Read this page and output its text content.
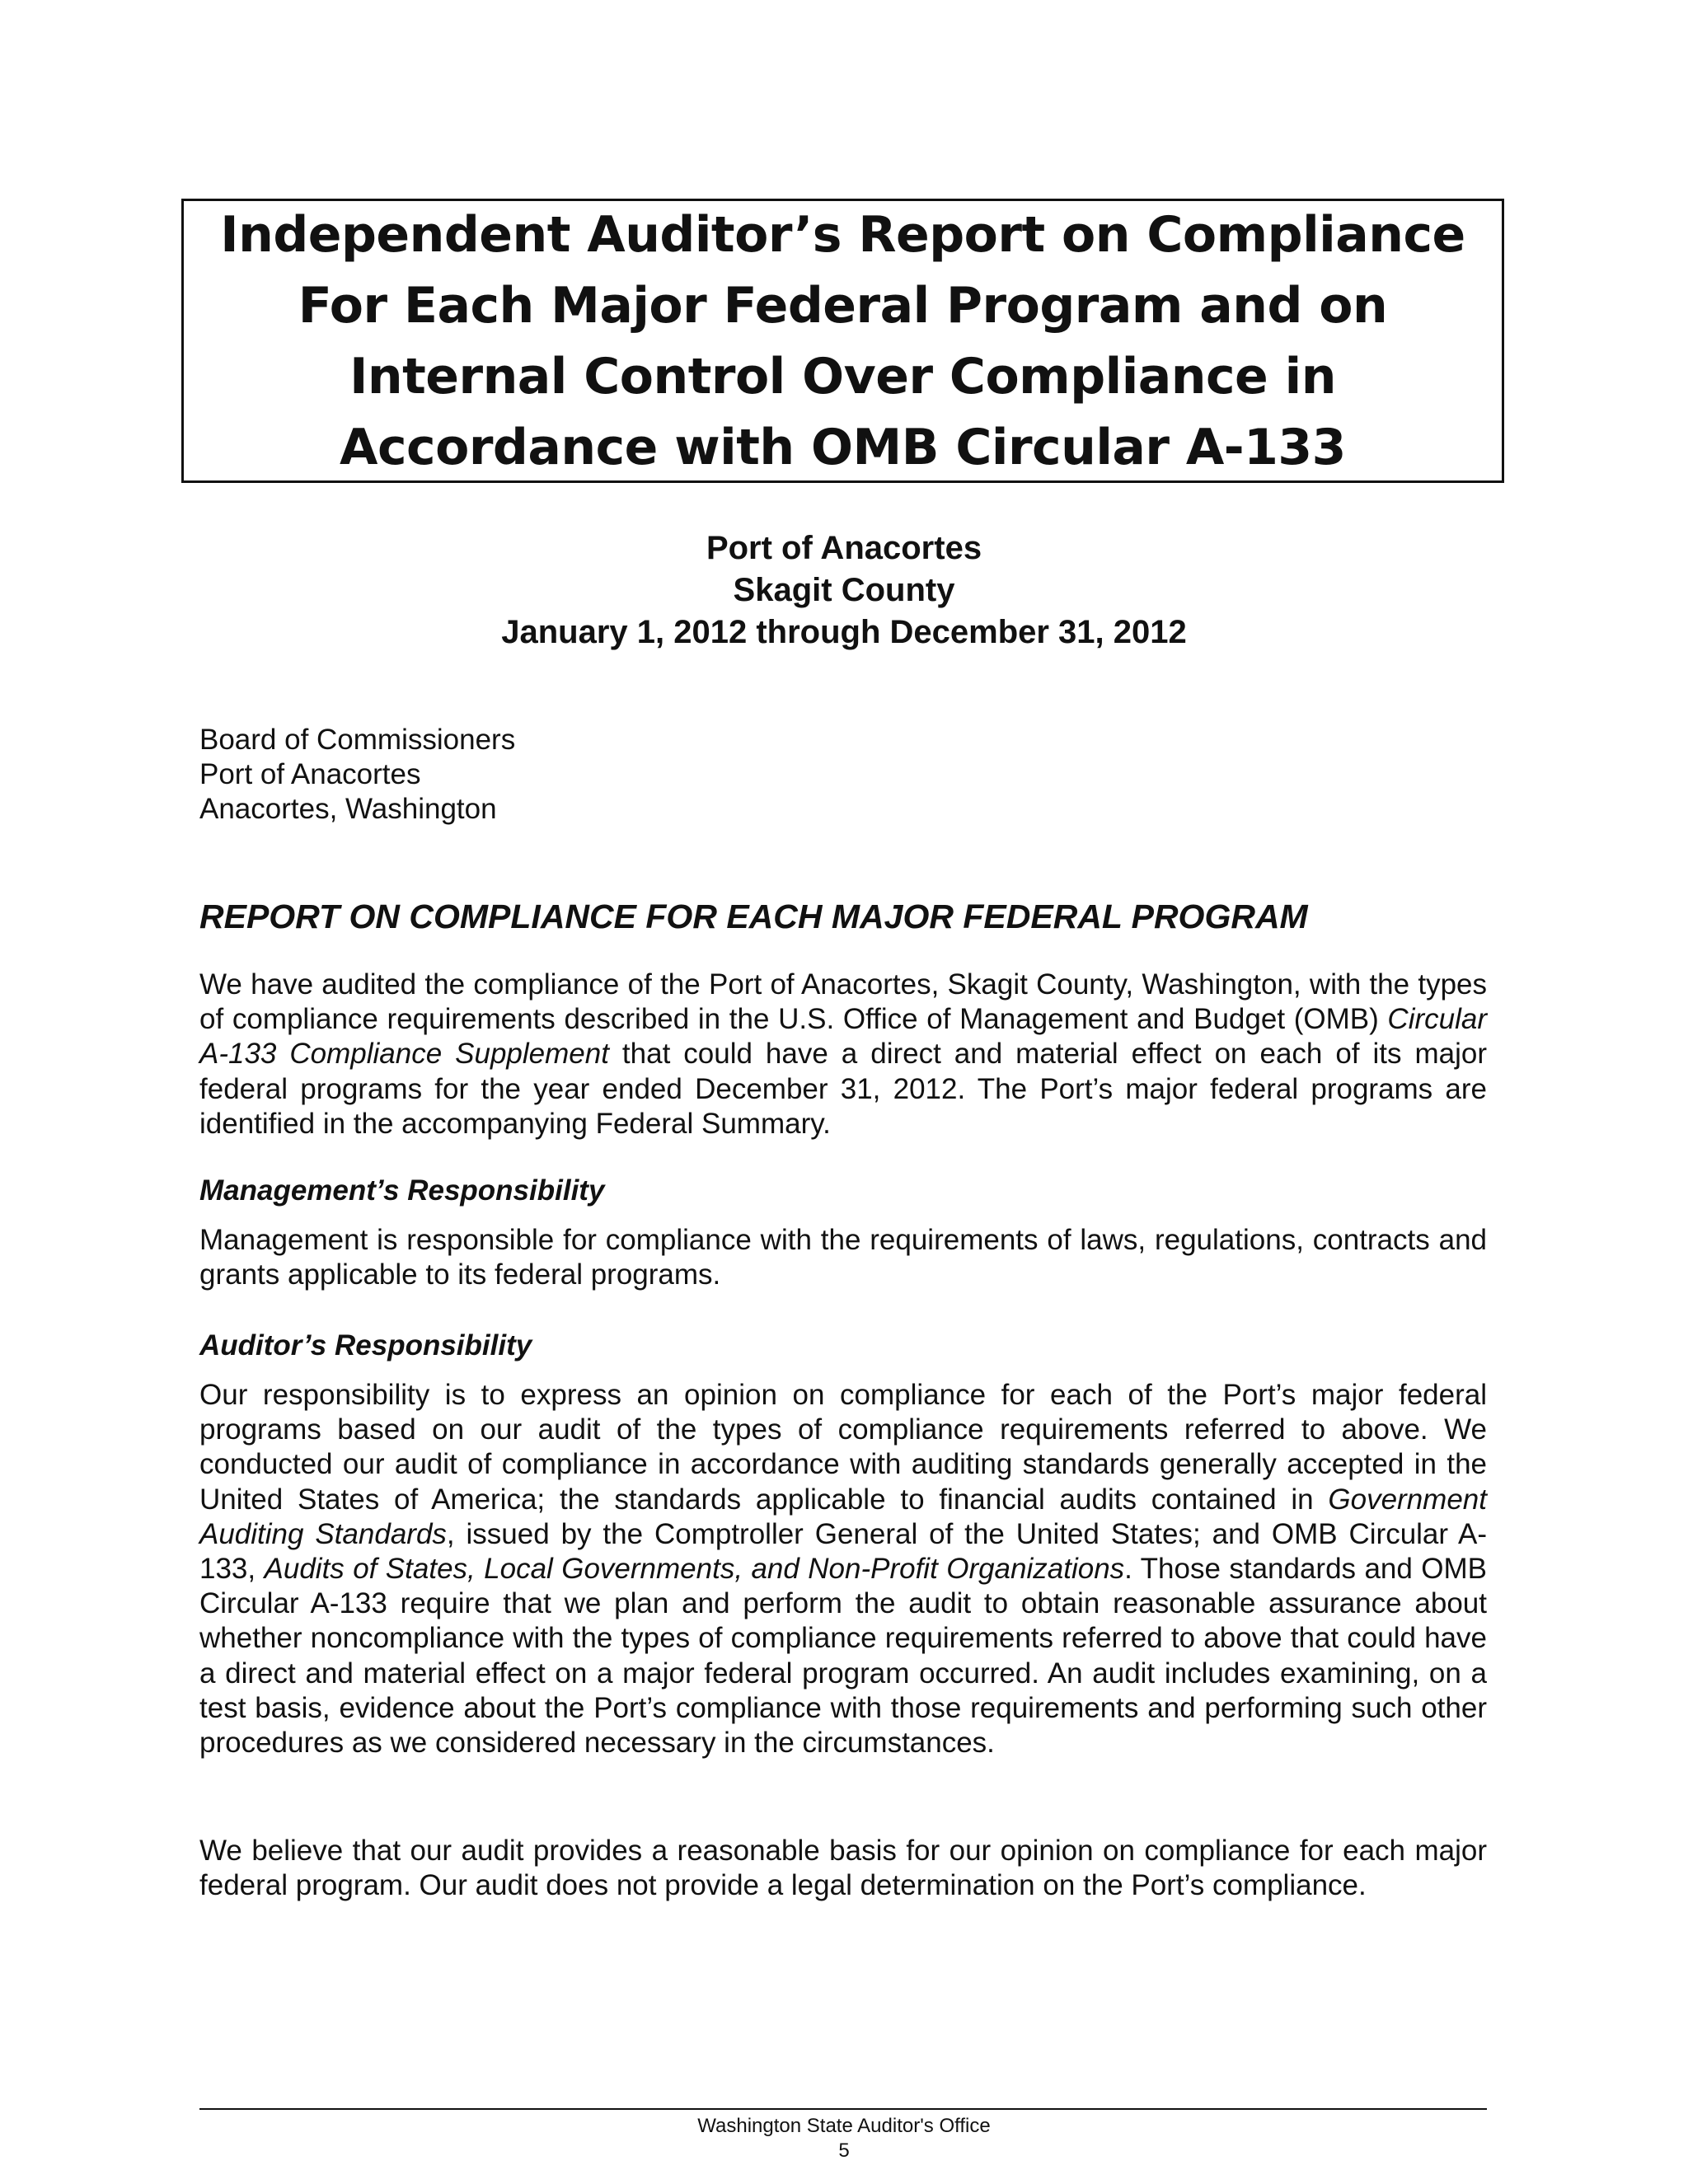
Independent Auditor’s Report on Compliance
For Each Major Federal Program and on
Internal Control Over Compliance in
Accordance with OMB Circular A-133
Port of Anacortes
Skagit County
January 1, 2012 through December 31, 2012
Board of Commissioners
Port of Anacortes
Anacortes, Washington
REPORT ON COMPLIANCE FOR EACH MAJOR FEDERAL PROGRAM
We have audited the compliance of the Port of Anacortes, Skagit County, Washington, with the types of compliance requirements described in the U.S. Office of Management and Budget (OMB) Circular A-133 Compliance Supplement that could have a direct and material effect on each of its major federal programs for the year ended December 31, 2012. The Port’s major federal programs are identified in the accompanying Federal Summary.
Management’s Responsibility
Management is responsible for compliance with the requirements of laws, regulations, contracts and grants applicable to its federal programs.
Auditor’s Responsibility
Our responsibility is to express an opinion on compliance for each of the Port’s major federal programs based on our audit of the types of compliance requirements referred to above. We conducted our audit of compliance in accordance with auditing standards generally accepted in the United States of America; the standards applicable to financial audits contained in Government Auditing Standards, issued by the Comptroller General of the United States; and OMB Circular A-133, Audits of States, Local Governments, and Non-Profit Organizations. Those standards and OMB Circular A-133 require that we plan and perform the audit to obtain reasonable assurance about whether noncompliance with the types of compliance requirements referred to above that could have a direct and material effect on a major federal program occurred. An audit includes examining, on a test basis, evidence about the Port’s compliance with those requirements and performing such other procedures as we considered necessary in the circumstances.
We believe that our audit provides a reasonable basis for our opinion on compliance for each major federal program. Our audit does not provide a legal determination on the Port’s compliance.
Washington State Auditor's Office
5
